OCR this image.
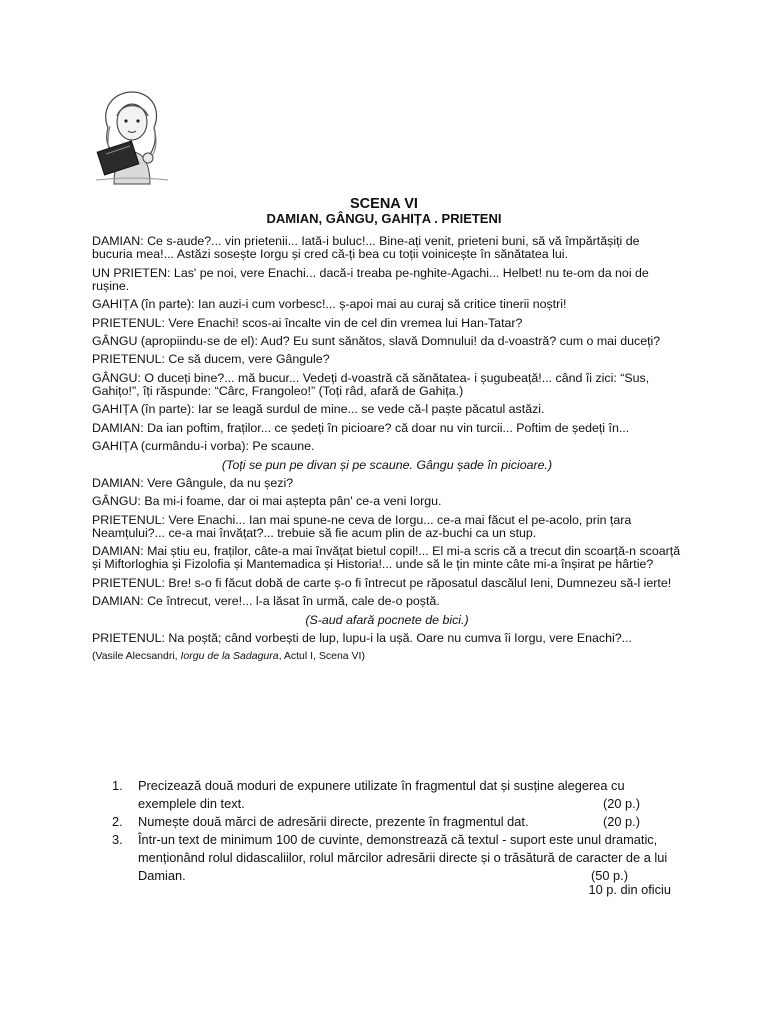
SCENA VI
DAMIAN, GÂNGU, GAHIȚA . PRIETENI

DAMIAN: Ce s-aude?... vin prietenii... Iată-i buluc!... Bine-ați venit, prieteni buni, să vă împărtășiți de bucuria mea!... Astăzi sosește Iorgu și cred că-ți bea cu toții voinicește în sănătatea lui.

UN PRIETEN: Las' pe noi, vere Enachi... dacă-i treaba pe-nghite-Agachi... Helbet! nu te-om da noi de rușine.

GAHIȚA (în parte): Ian auzi-i cum vorbesc!... ș-apoi mai au curaj să critice tinerii noștri!

PRIETENUL: Vere Enachi! scos-ai încalte vin de cel din vremea lui Han-Tatar?

GÂNGU (apropiindu-se de el): Aud? Eu sunt sănătos, slavă Domnului! da d-voastră? cum o mai duceți?

PRIETENUL: Ce să ducem, vere Gângule?

GÂNGU: O duceți bine?... mă bucur... Vedeți d-voastră că sănătatea- i șugubeață!... când îi zici: “Sus, Gahițo!”, îți răspunde: “Cârc, Frangoleo!” (Toți râd, afară de Gahița.)

GAHIȚA (în parte): Iar se leagă surdul de mine... se vede că-l paște păcatul astăzi.

DAMIAN: Da ian poftim, fraților... ce ședeți în picioare? că doar nu vin turcii... Poftim de ședeți în...

GAHIȚA (curmându-i vorba): Pe scaune.

(Toți se pun pe divan și pe scaune. Gângu șade în picioare.)

DAMIAN: Vere Gângule, da nu șezi?

GÂNGU: Ba mi-i foame, dar oi mai aștepta pân' ce-a veni Iorgu.

PRIETENUL: Vere Enachi... Ian mai spune-ne ceva de Iorgu... ce-a mai făcut el pe-acolo, prin țara Neamțului?... ce-a mai învățat?... trebuie să fie acum plin de az-buchi ca un stup.

DAMIAN: Mai știu eu, fraților, câte-a mai învățat bietul copil!... El mi-a scris că a trecut din scoarță-n scoarță și Miftorloghia și Fizolofia și Mantemadica și Historia!... unde să le țin minte câte mi-a înșirat pe hârtie?

PRIETENUL: Bre! s-o fi făcut dobă de carte ș-o fi întrecut pe răposatul dascălul Ieni, Dumnezeu să-l ierte!

DAMIAN: Ce întrecut, vere!... l-a lăsat în urmă, cale de-o poștă.

(S-aud afară pocnete de bici.)

PRIETENUL: Na poștă; când vorbești de lup, lupu-i la ușă. Oare nu cumva îi Iorgu, vere Enachi?...

(Vasile Alecsandri, Iorgu de la Sadagura, Actul I, Scena VI)
1. Precizează două moduri de expunere utilizate în fragmentul dat și susține alegerea cu exemplele din text.	(20 p.)
2. Numește două mărci de adresării directe, prezente în fragmentul dat.	(20 p.)
3. Într-un text de minimum 100 de cuvinte, demonstrează că textul - suport este unul dramatic, menționând rolul didascaliilor, rolul mărcilor adresării directe și o trăsătură de caracter de a lui Damian.	(50 p.)
10 p. din oficiu
